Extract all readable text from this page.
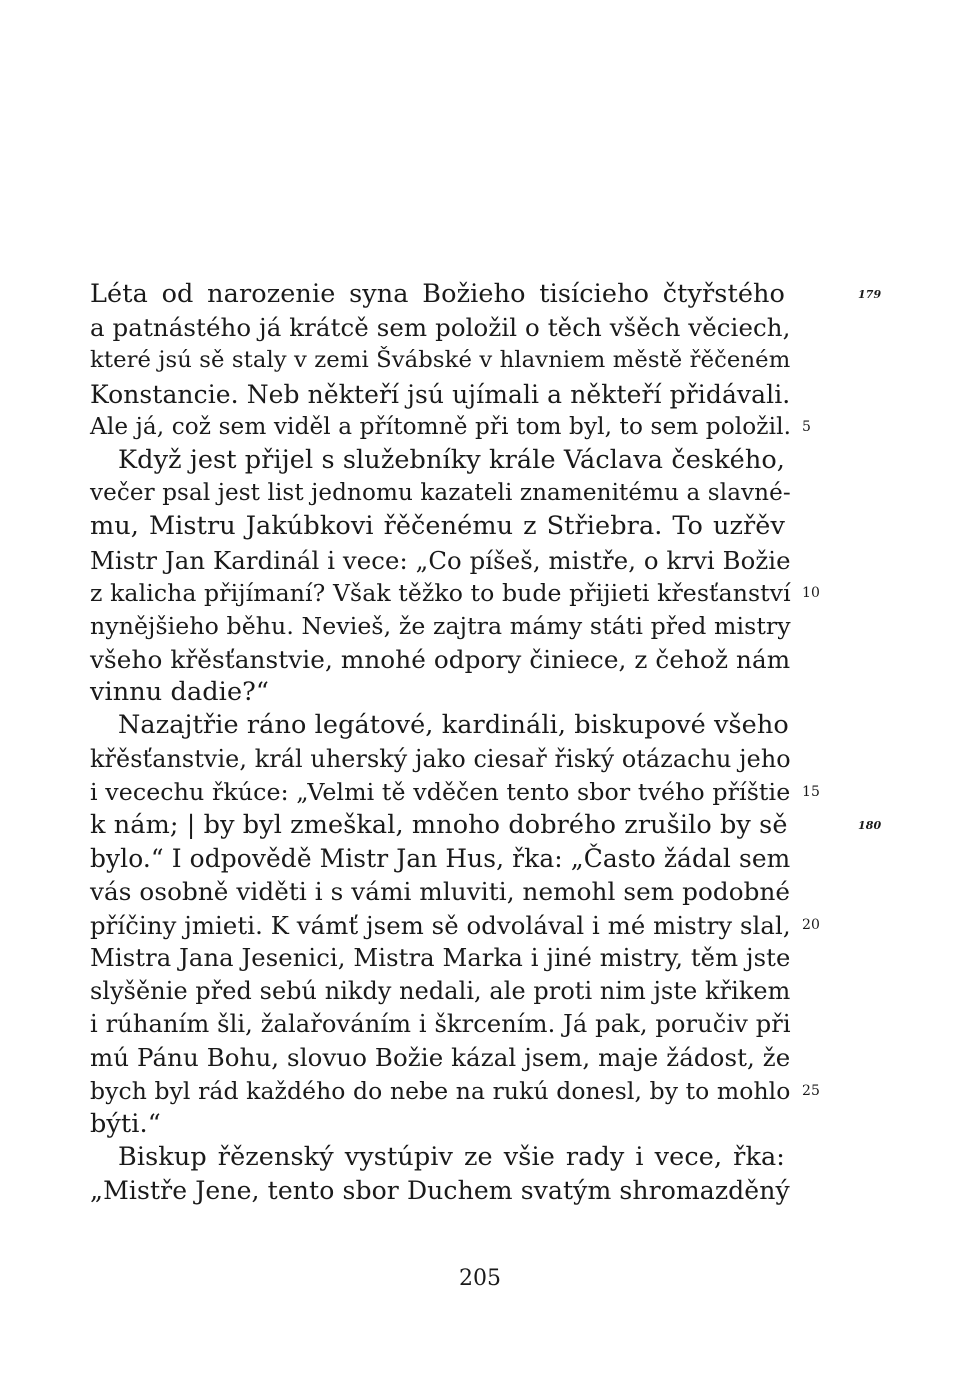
Léta od narozenie syna Božieho tisícieho čtyřstého	179
a patnástého já krátcě sem položil o těch všěch věciech,
které jsú sě staly v zemi Švábské v hlavniem městě řěčeném
Konstancie. Neb někteří jsú ujímali a někteří přidávali.
Ale já, což sem viděl a přítomně při tom byl, to sem položil. 5
Když jest přijel s služebníky krále Václava českého,
večer psal jest list jednomu kazateli znamenitému a slavné-
mu, Mistru Jakúbkovi řěčenému z Střiebra. To uzřěv
Mistr Jan Kardinál i vece: „Co píšeš, mistře, o krvi Božie
z kalicha přijímaní? Však těžko to bude přijieti křesťanství 10
nynějšieho běhu. Nevieš, že zajtra mámy státi před mistry
všeho křěsťanstvie, mnohé odpory činiece, z čehož nám
vinnu dadie?“
Nazajtřie ráno legátové, kardináli, biskupové všeho
křěsťanstvie, král uherský jako ciesař řiský otázachu jeho
i vecechu řkúce: „Velmi tě vděčen tento sbor tvého příštie 15
k nám; | by byl zmeškal, mnoho dobrého zrušilo by sě	180
bylo.“ I odpovědě Mistr Jan Hus, řka: „Často žádal sem
vás osobně viděti i s vámi mluviti, nemohl sem podobné
příčiny jmieti. K vámť jsem sě odvolával i mé mistry slal, 20
Mistra Jana Jesenici, Mistra Marka i jiné mistry, těm jste
slyšěnie před sebú nikdy nedali, ale proti nim jste křikem
i rúhaním šli, žalařováním i škrcením. Já pak, poručiv při
mú Pánu Bohu, slovuo Božie kázal jsem, maje žádost, že
bych byl rád každého do nebe na rukú donesl, by to mohlo 25
býti.“
Biskup řězenský vystúpiv ze všie rady i vece, řka:
„Mistře Jene, tento sbor Duchem svatým shromazděný
205
